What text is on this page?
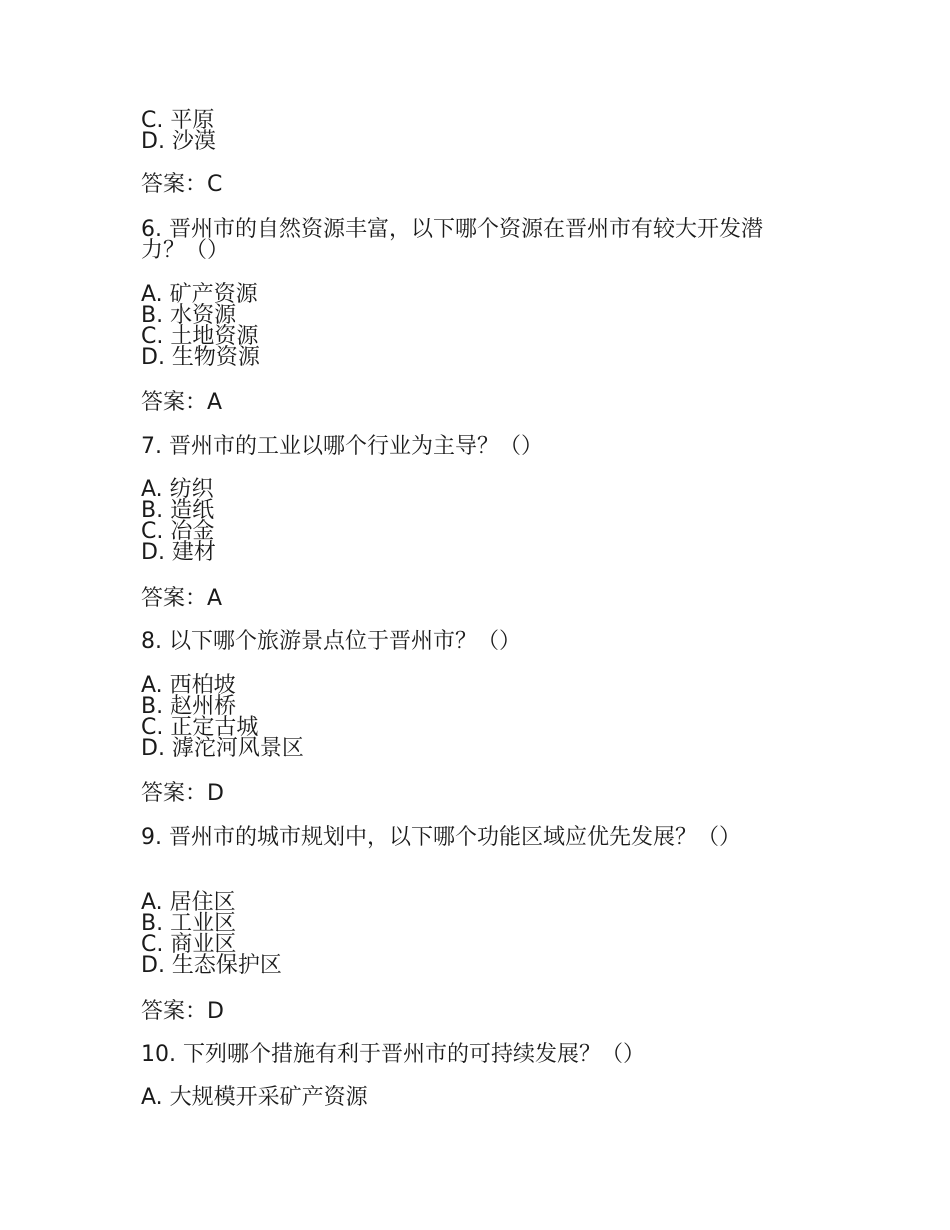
C. 平原
D. 沙漠
答案：C
6. 晋州市的自然资源丰富，以下哪个资源在晋州市有较大开发潜力？（）
A. 矿产资源
B. 水资源
C. 土地资源
D. 生物资源
答案：A
7. 晋州市的工业以哪个行业为主导？（）
A. 纺织
B. 造纸
C. 冶金
D. 建材
答案：A
8. 以下哪个旅游景点位于晋州市？（）
A. 西柏坡
B. 赵州桥
C. 正定古城
D. 滹沱河风景区
答案：D
9. 晋州市的城市规划中，以下哪个功能区域应优先发展？（）
A. 居住区
B. 工业区
C. 商业区
D. 生态保护区
答案：D
10. 下列哪个措施有利于晋州市的可持续发展？（）
A. 大规模开采矿产资源
